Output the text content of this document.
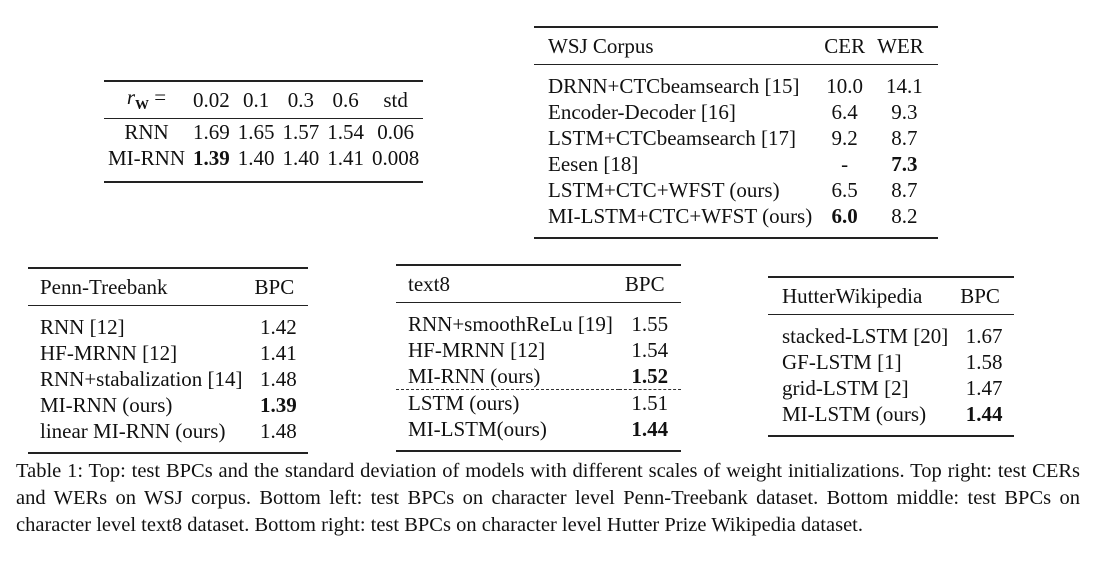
$r_W$ =	0.02	0.1	0.3	0.6	std
RNN	1.69	1.65	1.57	1.54	0.06
MI-RNN	1.39	1.40	1.40	1.41	0.008
WSJ Corpus	CER	WER
DRNN+CTCbeamsearch [15]	10.0	14.1
Encoder-Decoder [16]	6.4	9.3
LSTM+CTCbeamsearch [17]	9.2	8.7
Eesen [18]	-	7.3
LSTM+CTC+WFST (ours)	6.5	8.7
MI-LSTM+CTC+WFST (ours)	6.0	8.2
Penn-Treebank	BPC
RNN [12]	1.42
HF-MRNN [12]	1.41
RNN+stabalization [14]	1.48
MI-RNN (ours)	1.39
linear MI-RNN (ours)	1.48
text8	BPC
RNN+smoothReLu [19]	1.55
HF-MRNN [12]	1.54
MI-RNN (ours)	1.52
LSTM (ours)	1.51
MI-LSTM(ours)	1.44
HutterWikipedia	BPC
stacked-LSTM [20]	1.67
GF-LSTM [1]	1.58
grid-LSTM [2]	1.47
MI-LSTM (ours)	1.44
Table 1: Top: test BPCs and the standard deviation of models with different scales of weight initializations. Top right: test CERs and WERs on WSJ corpus. Bottom left: test BPCs on character level Penn-Treebank dataset. Bottom middle: test BPCs on character level text8 dataset. Bottom right: test BPCs on character level Hutter Prize Wikipedia dataset.
